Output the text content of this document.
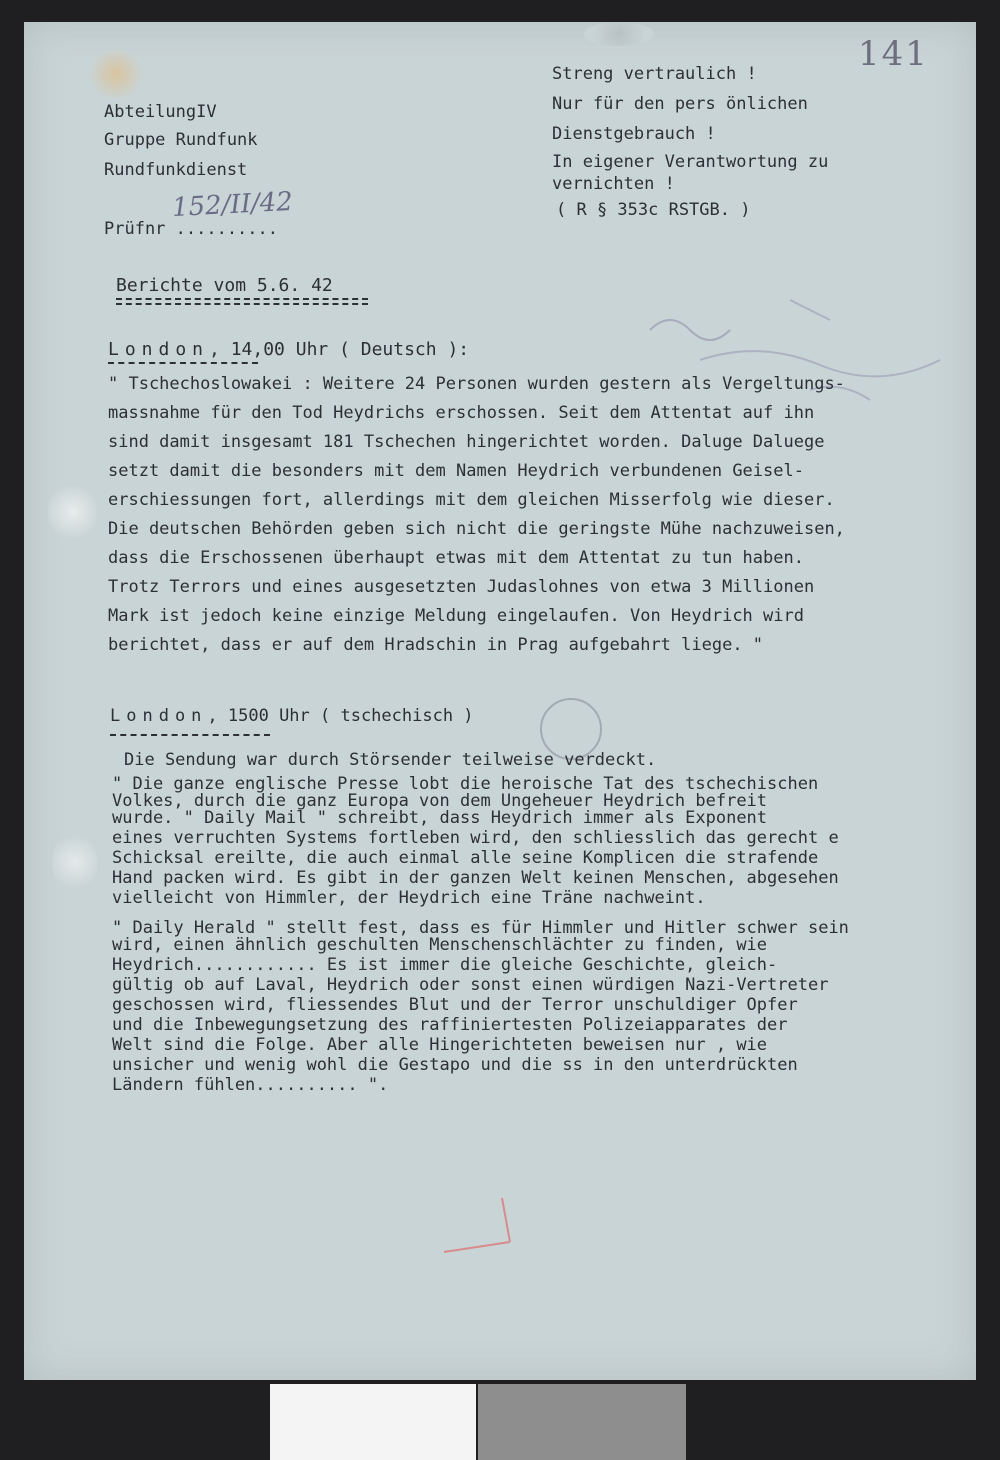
141
AbteilungIV
Gruppe Rundfunk
Rundfunkdienst
Prüfnr ..........
152/II/42
Streng vertraulich !
Nur für den pers önlichen
Dienstgebrauch !
In eigener Verantwortung zu
vernichten !
( R § 353c RSTGB. )
Berichte vom 5.6. 42
London, 14,00 Uhr ( Deutsch ):
" Tschechoslowakei : Weitere 24 Personen wurden gestern als Vergeltungs-
massnahme für den Tod Heydrichs erschossen. Seit dem Attentat auf ihn
sind damit insgesamt 181 Tschechen hingerichtet worden. Daluge Daluege
setzt damit die besonders mit dem Namen Heydrich verbundenen Geisel-
erschiessungen fort, allerdings mit dem gleichen Misserfolg wie dieser.
Die deutschen Behörden geben sich nicht die geringste Mühe nachzuweisen,
dass die Erschossenen überhaupt etwas mit dem Attentat zu tun haben.
Trotz Terrors und eines ausgesetzten Judaslohnes von etwa 3 Millionen
Mark ist jedoch keine einzige Meldung eingelaufen. Von Heydrich wird
berichtet, dass er auf dem Hradschin in Prag aufgebahrt liege. "
London, 1500 Uhr ( tschechisch )
Die Sendung war durch Störsender teilweise verdeckt.
" Die ganze englische Presse lobt die heroische Tat des tschechischen
Volkes, durch die ganz Europa von dem Ungeheuer Heydrich befreit
wurde. " Daily Mail " schreibt, dass Heydrich immer als Exponent
eines verruchten Systems fortleben wird, den schliesslich das gerecht e
Schicksal ereilte, die auch einmal alle seine Komplicen die strafende
Hand packen wird. Es gibt in der ganzen Welt keinen Menschen, abgesehen
vielleicht von Himmler, der Heydrich eine Träne nachweint.
" Daily Herald " stellt fest, dass es für Himmler und Hitler schwer sein
wird, einen ähnlich geschulten Menschenschlächter zu finden, wie
Heydrich............ Es ist immer die gleiche Geschichte, gleich-
gültig ob auf Laval, Heydrich oder sonst einen würdigen Nazi-Vertreter
geschossen wird, fliessendes Blut und der Terror unschuldiger Opfer
und die Inbewegungsetzung des raffiniertesten Polizeiapparates der
Welt sind die Folge. Aber alle Hingerichteten beweisen nur , wie
unsicher und wenig wohl die Gestapo und die ss in den unterdrückten
Ländern fühlen.......... ".
